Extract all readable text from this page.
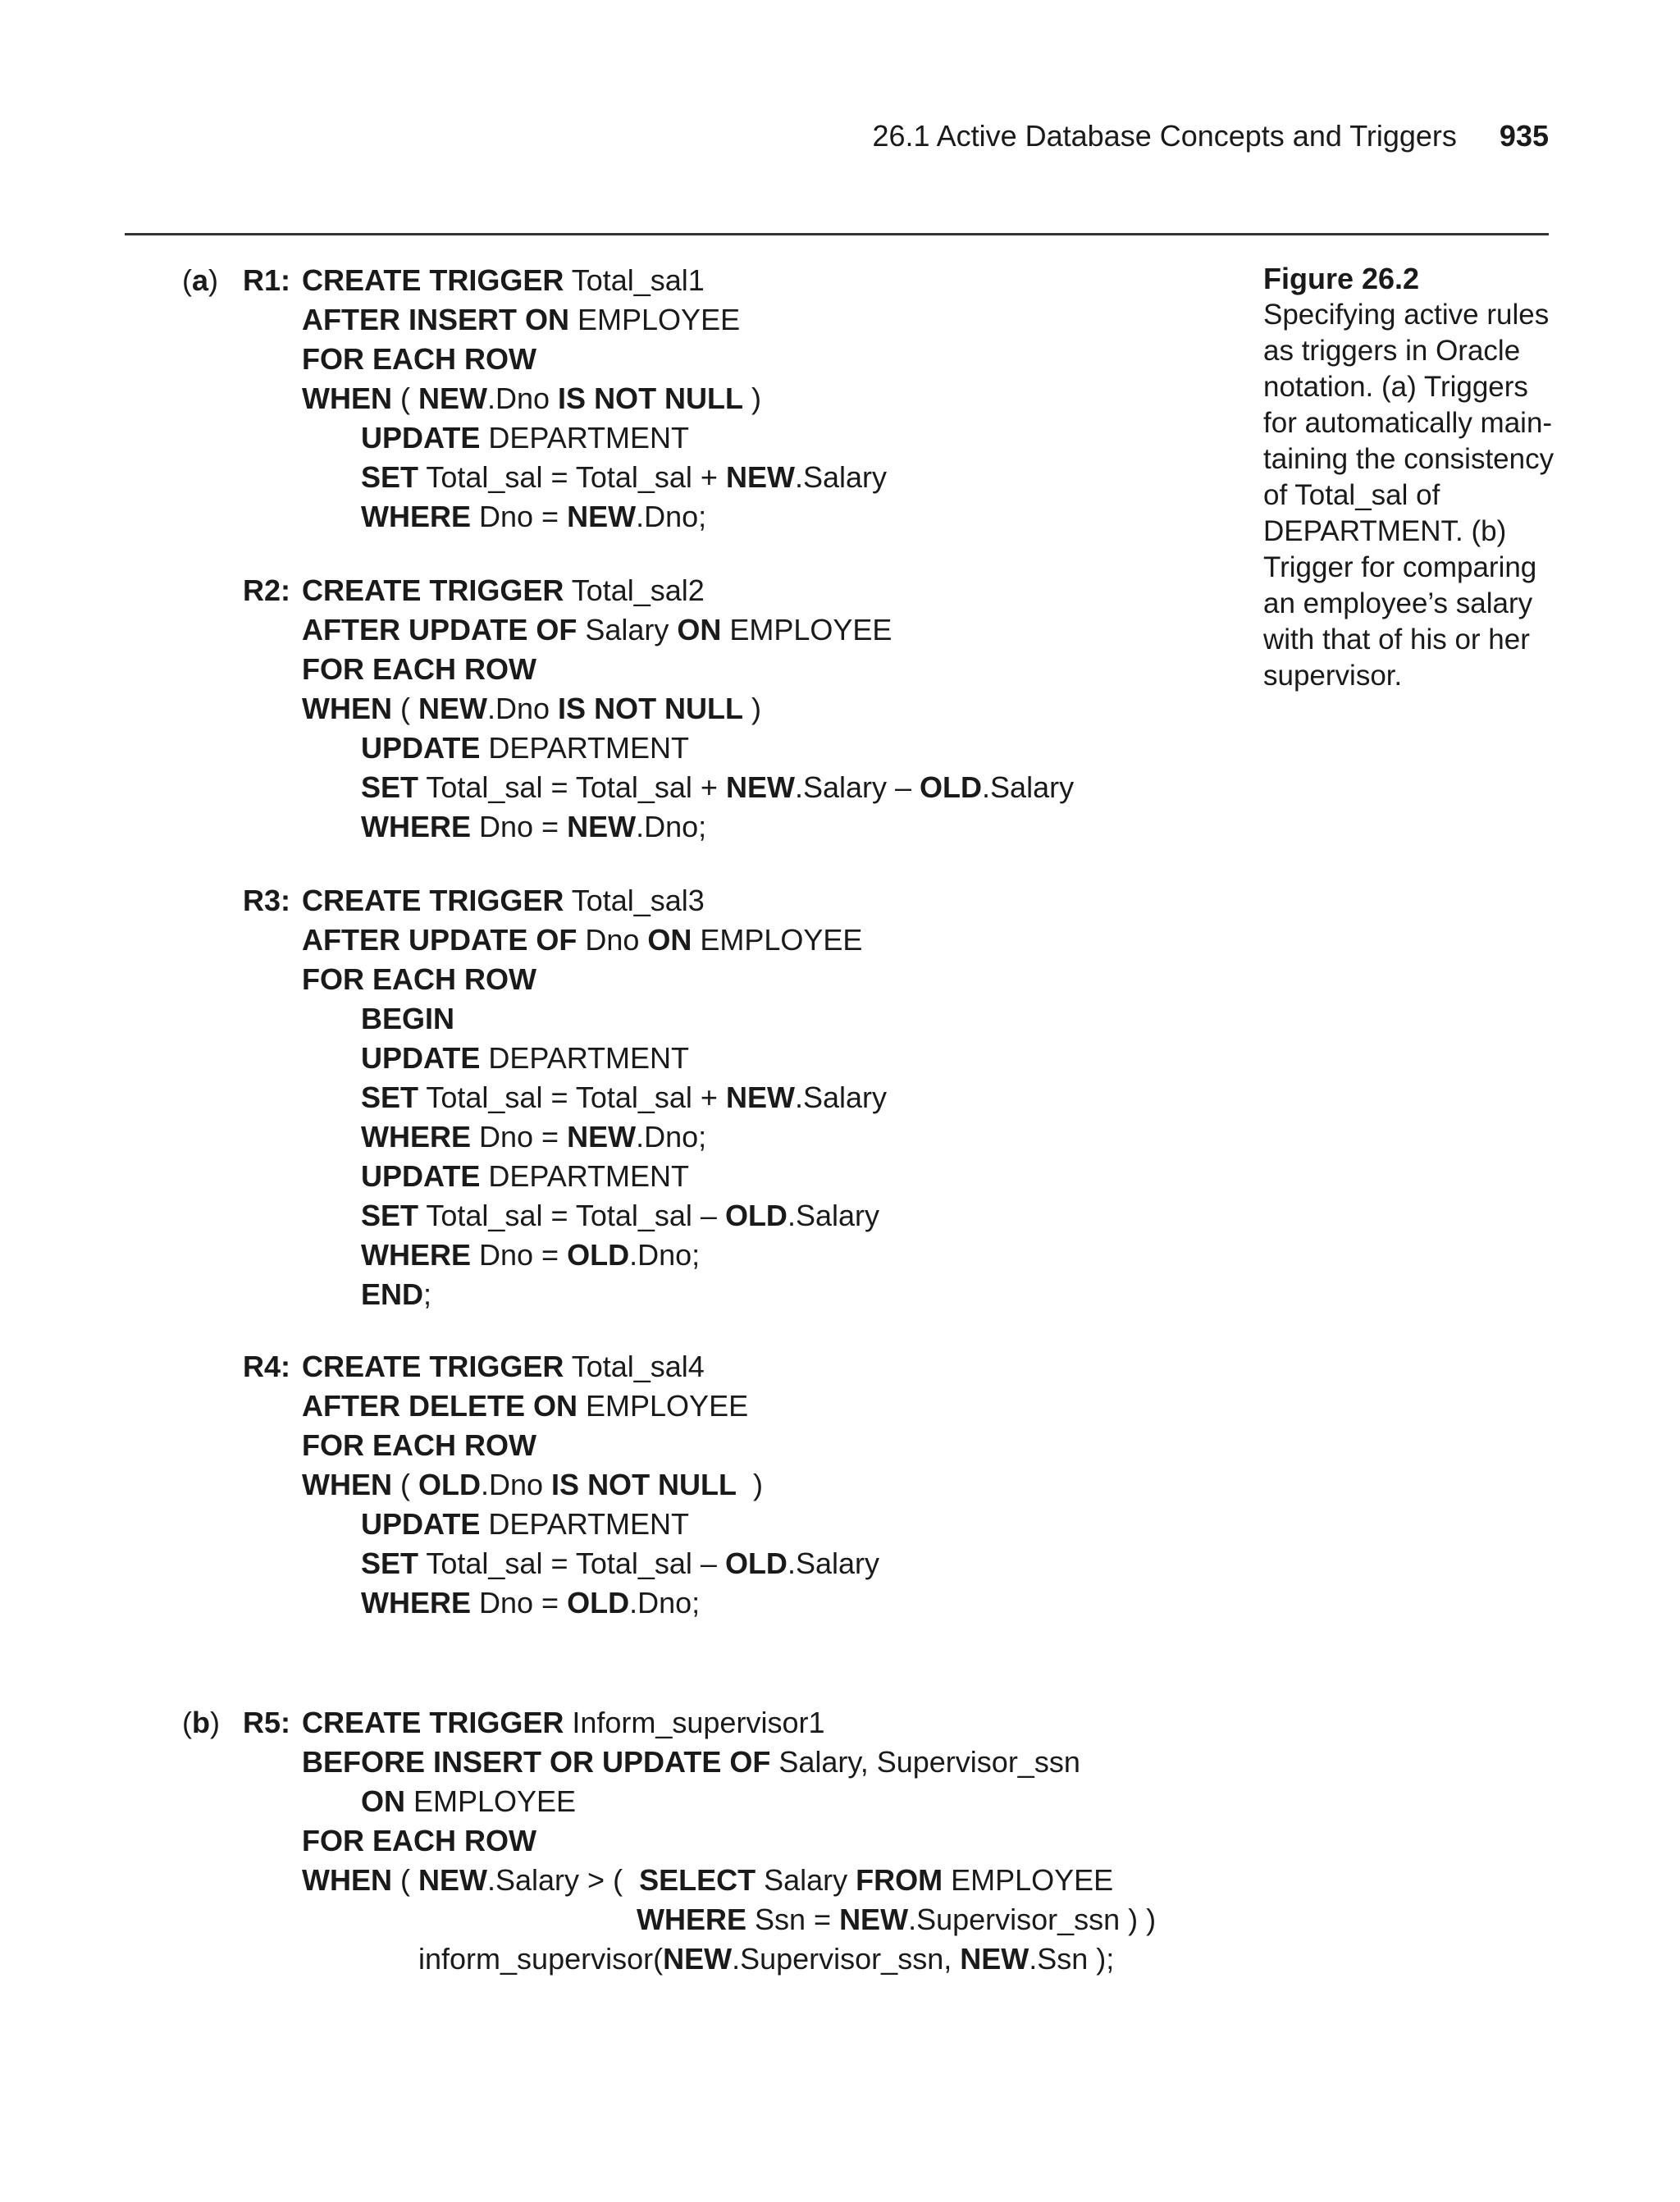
26.1 Active Database Concepts and Triggers 935
Figure 26.2
Specifying active rules
as triggers in Oracle
notation. (a) Triggers
for automatically main-
taining the consistency
of Total_sal of
DEPARTMENT. (b)
Trigger for comparing
an employee’s salary
with that of his or her
supervisor.
(a)
(b)
R1: CREATE TRIGGER Total_sal1
AFTER INSERT ON EMPLOYEE
FOR EACH ROW
WHEN ( NEW.Dno IS NOT NULL )
UPDATE DEPARTMENT
SET Total_sal = Total_sal + NEW.Salary
WHERE Dno = NEW.Dno;
R2: CREATE TRIGGER Total_sal2
AFTER UPDATE OF Salary ON EMPLOYEE
FOR EACH ROW
WHEN ( NEW.Dno IS NOT NULL )
UPDATE DEPARTMENT
SET Total_sal = Total_sal + NEW.Salary – OLD.Salary
WHERE Dno = NEW.Dno;
R3: CREATE TRIGGER Total_sal3
AFTER UPDATE OF Dno ON EMPLOYEE
FOR EACH ROW
BEGIN
UPDATE DEPARTMENT
SET Total_sal = Total_sal + NEW.Salary
WHERE Dno = NEW.Dno;
UPDATE DEPARTMENT
SET Total_sal = Total_sal – OLD.Salary
WHERE Dno = OLD.Dno;
END;
R4: CREATE TRIGGER Total_sal4
AFTER DELETE ON EMPLOYEE
FOR EACH ROW
WHEN ( OLD.Dno IS NOT NULL  )
UPDATE DEPARTMENT
SET Total_sal = Total_sal – OLD.Salary
WHERE Dno = OLD.Dno;
R5: CREATE TRIGGER Inform_supervisor1
BEFORE INSERT OR UPDATE OF Salary, Supervisor_ssn
ON EMPLOYEE
FOR EACH ROW
WHEN ( NEW.Salary > (  SELECT Salary FROM EMPLOYEE
WHERE Ssn = NEW.Supervisor_ssn ) )
inform_supervisor(NEW.Supervisor_ssn, NEW.Ssn );
